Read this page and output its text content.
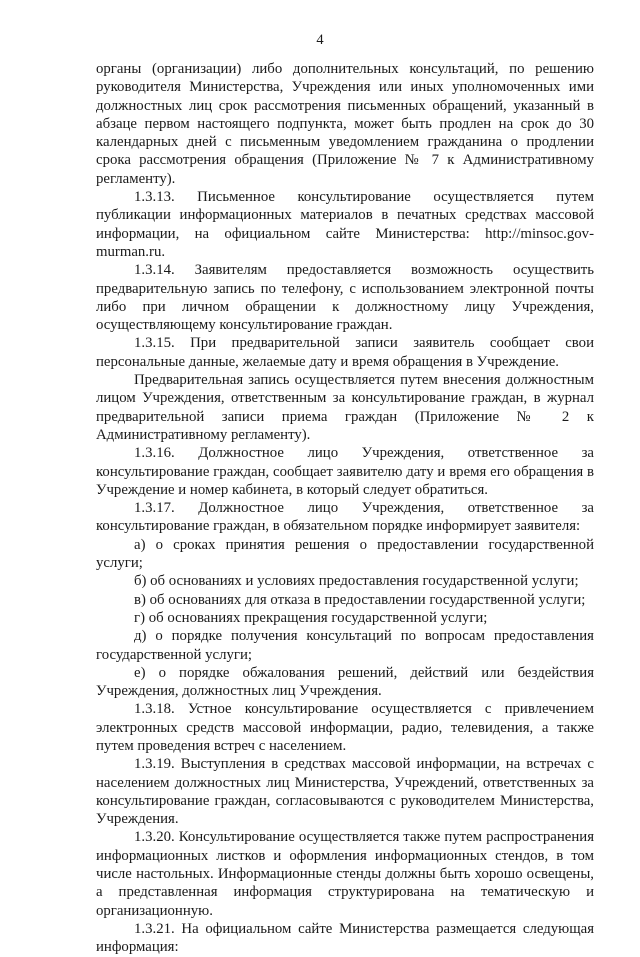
4

органы (организации) либо дополнительных консультаций, по решению руководителя Министерства, Учреждения или иных уполномоченных ими должностных лиц срок рассмотрения письменных обращений, указанный в абзаце первом настоящего подпункта, может быть продлен на срок до 30 календарных дней с письменным уведомлением гражданина о продлении срока рассмотрения обращения (Приложение № 7 к Административному регламенту).

1.3.13. Письменное консультирование осуществляется путем публикации информационных материалов в печатных средствах массовой информации, на официальном сайте Министерства: http://minsoc.gov-murman.ru.

1.3.14. Заявителям предоставляется возможность осуществить предварительную запись по телефону, с использованием электронной почты либо при личном обращении к должностному лицу Учреждения, осуществляющему консультирование граждан.

1.3.15. При предварительной записи заявитель сообщает свои персональные данные, желаемые дату и время обращения в Учреждение.

Предварительная запись осуществляется путем внесения должностным лицом Учреждения, ответственным за консультирование граждан, в журнал предварительной записи приема граждан (Приложение № 2 к Административному регламенту).

1.3.16. Должностное лицо Учреждения, ответственное за консультирование граждан, сообщает заявителю дату и время его обращения в Учреждение и номер кабинета, в который следует обратиться.

1.3.17. Должностное лицо Учреждения, ответственное за консультирование граждан, в обязательном порядке информирует заявителя:

а) о сроках принятия решения о предоставлении государственной услуги;

б) об основаниях и условиях предоставления государственной услуги;

в) об основаниях для отказа в предоставлении государственной услуги;

г) об основаниях прекращения государственной услуги;

д) о порядке получения консультаций по вопросам предоставления государственной услуги;

е) о порядке обжалования решений, действий или бездействия Учреждения, должностных лиц Учреждения.

1.3.18. Устное консультирование осуществляется с привлечением электронных средств массовой информации, радио, телевидения, а также путем проведения встреч с населением.

1.3.19. Выступления в средствах массовой информации, на встречах с населением должностных лиц Министерства, Учреждений, ответственных за консультирование граждан, согласовываются с руководителем Министерства, Учреждения.

1.3.20. Консультирование осуществляется также путем распространения информационных листков и оформления информационных стендов, в том числе настольных. Информационные стенды должны быть хорошо освещены, а представленная информация структурирована на тематическую и организационную.

1.3.21. На официальном сайте Министерства размещается следующая информация:
